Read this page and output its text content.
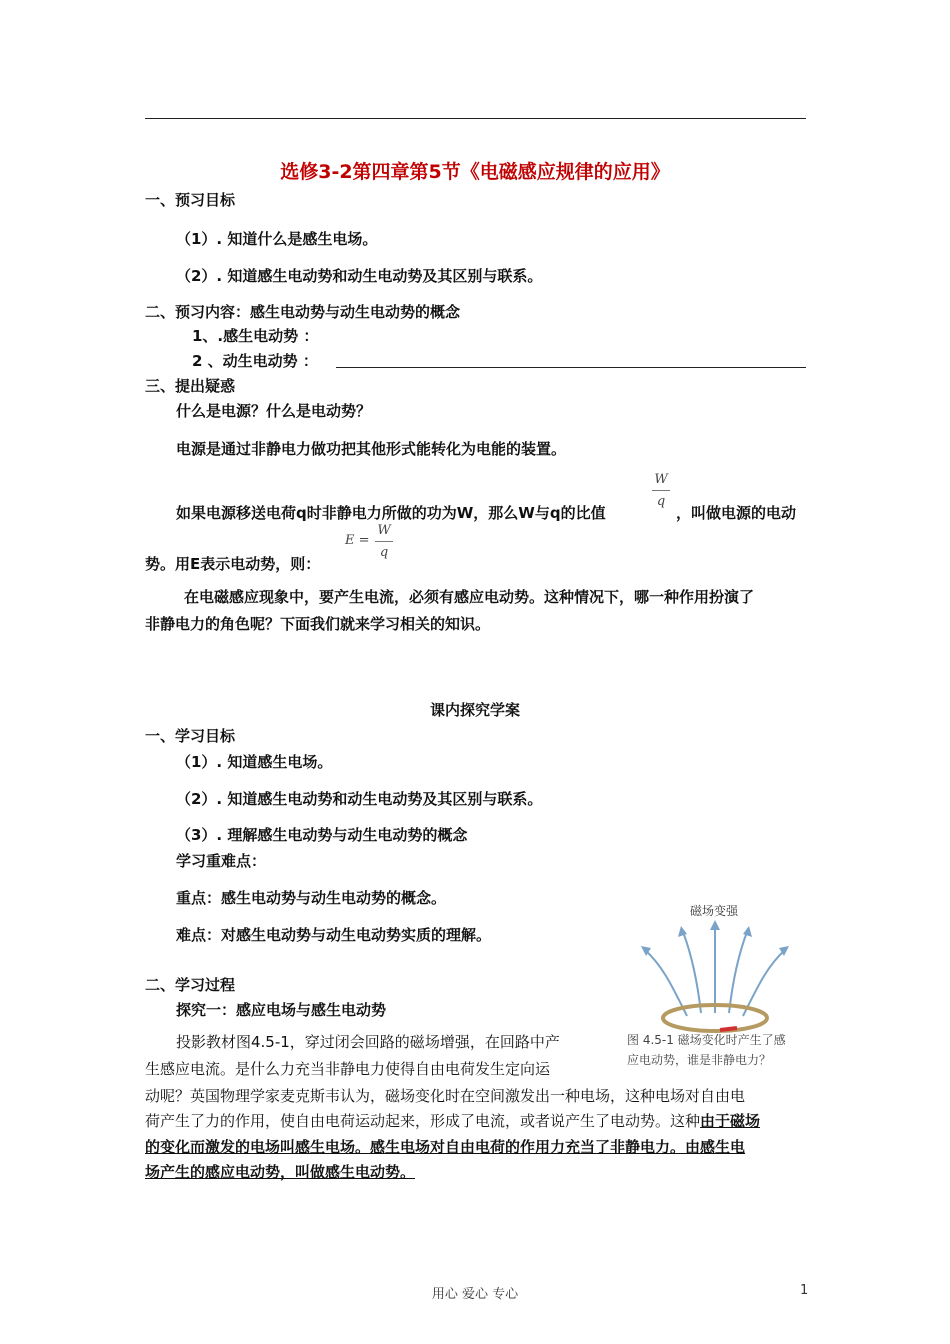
选修3-2第四章第5节《电磁感应规律的应用》
一、预习目标
（1）. 知道什么是感生电场。
（2）. 知道感生电动势和动生电动势及其区别与联系。
二、预习内容：感生电动势与动生电动势的概念
1、.感生电动势 ：
2 、动生电动势 ：
三、提出疑惑
什么是电源？什么是电动势？
电源是通过非静电力做功把其他形式能转化为电能的装置。
W
q
如果电源移送电荷q时非静电力所做的功为W，那么W与q的比值	，叫做电源的电动
势。用E表示电动势，则：
E =
W
q
在电磁感应现象中，要产生电流，必须有感应电动势。这种情况下，哪一种作用扮演了
非静电力的角色呢？下面我们就来学习相关的知识。
课内探究学案
一、学习目标
（1）. 知道感生电场。
（2）. 知道感生电动势和动生电动势及其区别与联系。
（3）. 理解感生电动势与动生电动势的概念
学习重难点：
重点：感生电动势与动生电动势的概念。
难点：对感生电动势与动生电动势实质的理解。
二、学习过程
探究一：感应电场与感生电动势
投影教材图4.5-1，穿过闭会回路的磁场增强，在回路中产
生感应电流。是什么力充当非静电力使得自由电荷发生定向运
动呢？英国物理学家麦克斯韦认为，磁场变化时在空间激发出一种电场，这种电场对自由电
荷产生了力的作用，使自由电荷运动起来，形成了电流，或者说产生了电动势。这种由于磁场
的变化而激发的电场叫感生电场。感生电场对自由电荷的作用力充当了非静电力。由感生电
场产生的感应电动势，叫做感生电动势。
磁场变强
图 4.5-1 磁场变化时产生了感
应电动势，谁是非静电力？
用心 爱心 专心	1
